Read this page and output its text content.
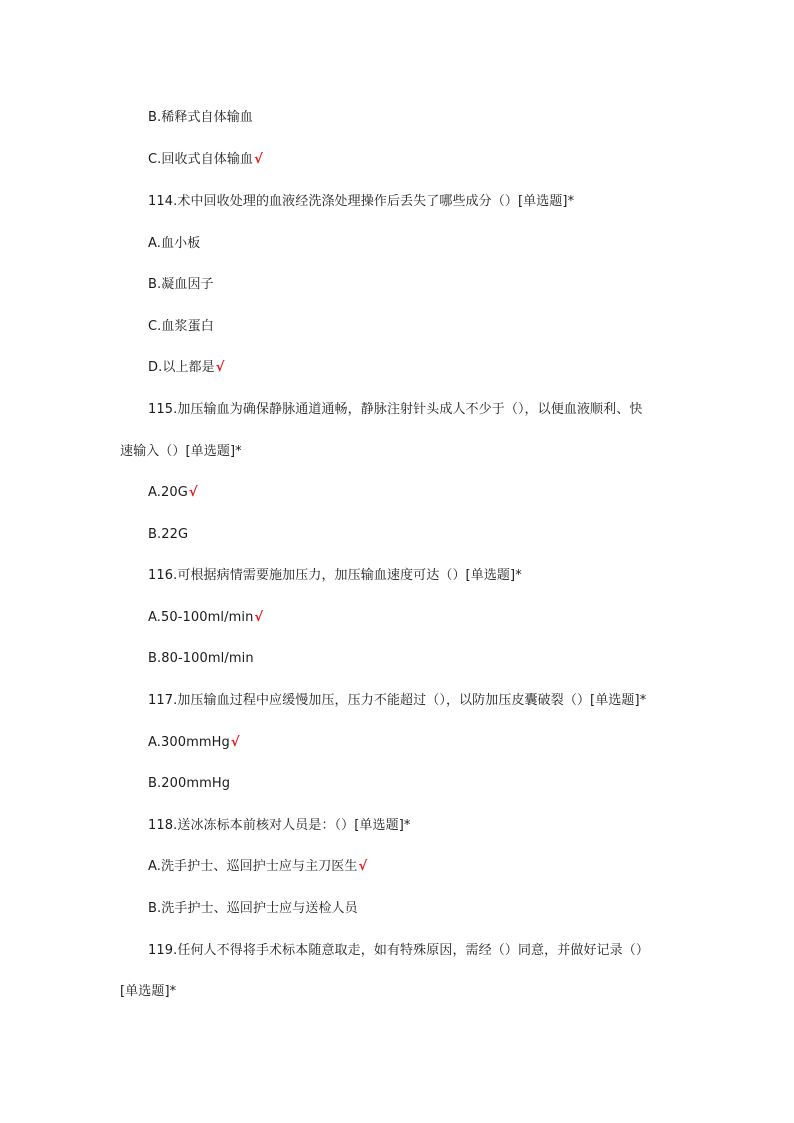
B.稀释式自体输血
C.回收式自体输血√
114.术中回收处理的血液经洗涤处理操作后丢失了哪些成分（）[单选题]*
A.血小板
B.凝血因子
C.血浆蛋白
D.以上都是√
115.加压输血为确保静脉通道通畅，静脉注射针头成人不少于（），以便血液顺利、快
速输入（）[单选题]*
A.20G√
B.22G
116.可根据病情需要施加压力，加压输血速度可达（）[单选题]*
A.50-100ml/min√
B.80-100ml/min
117.加压输血过程中应缓慢加压，压力不能超过（），以防加压皮囊破裂（）[单选题]*
A.300mmHg√
B.200mmHg
118.送冰冻标本前核对人员是：（）[单选题]*
A.洗手护士、巡回护士应与主刀医生√
B.洗手护士、巡回护士应与送检人员
119.任何人不得将手术标本随意取走，如有特殊原因，需经（）同意，并做好记录（）
[单选题]*
